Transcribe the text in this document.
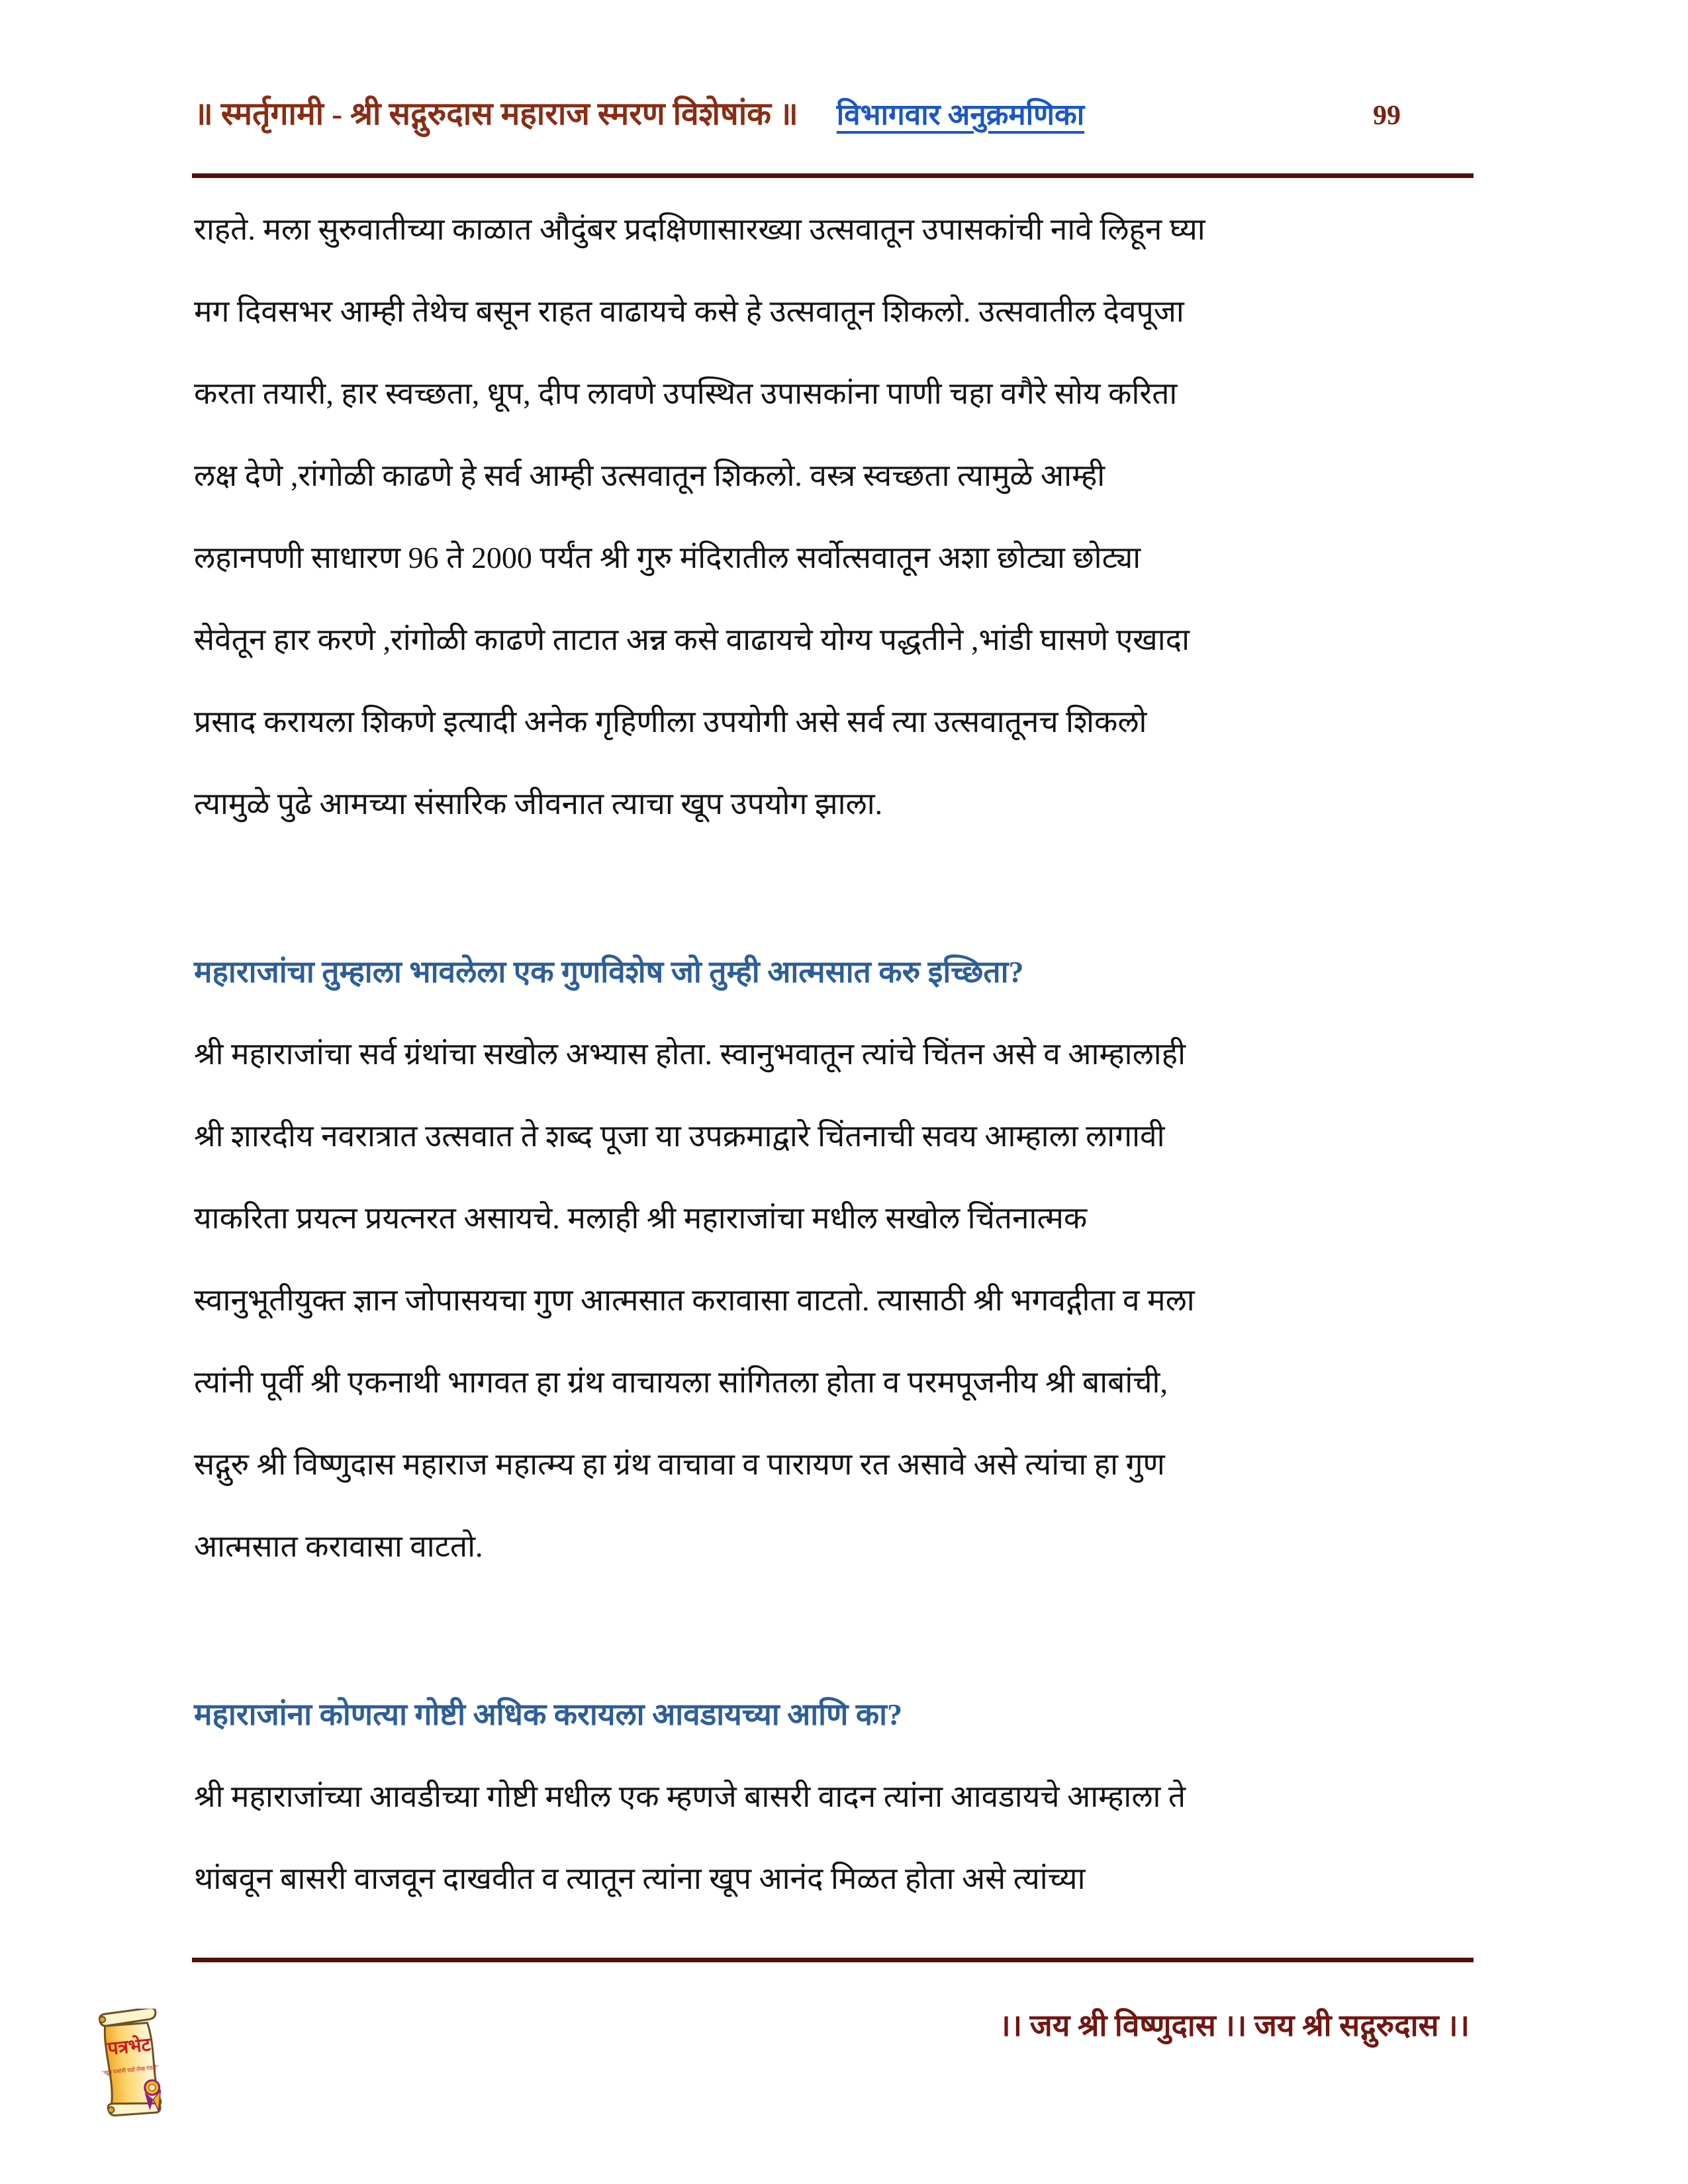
॥ स्मर्तृगामी - श्री सद्गुरुदास महाराज स्मरण विशेषांक ॥ विभागवार अनुक्रमणिका	99
राहते. मला सुरुवातीच्या काळात औदुंबर प्रदक्षिणासारख्या उत्सवातून उपासकांची नावे लिहून घ्या
मग दिवसभर आम्ही तेथेच बसून राहत वाढायचे कसे हे उत्सवातून शिकलो. उत्सवातील देवपूजा
करता तयारी, हार स्वच्छता, धूप, दीप लावणे उपस्थित उपासकांना पाणी चहा वगैरे सोय करिता
लक्ष देणे ,रांगोळी काढणे हे सर्व आम्ही उत्सवातून शिकलो. वस्त्र स्वच्छता त्यामुळे आम्ही
लहानपणी साधारण 96 ते 2000 पर्यंत श्री गुरु मंदिरातील सर्वोत्सवातून अशा छोट्या छोट्या
सेवेतून हार करणे ,रांगोळी काढणे ताटात अन्न कसे वाढायचे योग्य पद्धतीने ,भांडी घासणे एखादा
प्रसाद करायला शिकणे इत्यादी अनेक गृहिणीला उपयोगी असे सर्व त्या उत्सवातूनच शिकलो
त्यामुळे पुढे आमच्या संसारिक जीवनात त्याचा खूप उपयोग झाला.
महाराजांचा तुम्हाला भावलेला एक गुणविशेष जो तुम्ही आत्मसात करु इच्छिता?
श्री महाराजांचा सर्व ग्रंथांचा सखोल अभ्यास होता. स्वानुभवातून त्यांचे चिंतन असे व आम्हालाही
श्री शारदीय नवरात्रात उत्सवात ते शब्द पूजा या उपक्रमाद्वारे चिंतनाची सवय आम्हाला लागावी
याकरिता प्रयत्न प्रयत्नरत असायचे. मलाही श्री महाराजांचा मधील सखोल चिंतनात्मक
स्वानुभूतीयुक्त ज्ञान जोपासयचा गुण आत्मसात करावासा वाटतो. त्यासाठी श्री भगवद्गीता व मला
त्यांनी पूर्वी श्री एकनाथी भागवत हा ग्रंथ वाचायला सांगितला होता व परमपूजनीय श्री बाबांची,
सद्गुरु श्री विष्णुदास महाराज महात्म्य हा ग्रंथ वाचावा व पारायण रत असावे असे त्यांचा हा गुण
आत्मसात करावासा वाटतो.
महाराजांना कोणत्या गोष्टी अधिक करायला आवडायच्या आणि का?
श्री महाराजांच्या आवडीच्या गोष्टी मधील एक म्हणजे बासरी वादन त्यांना आवडायचे आम्हाला ते
थांबवून बासरी वाजवून दाखवीत व त्यातून त्यांना खूप आनंद मिळत होता असे त्यांच्या
।। जय श्री विष्णुदास ।। जय श्री सद्गुरुदास ।।
पत्रभेट
"खूप पत्रांची घडो लेख गंठारे"
